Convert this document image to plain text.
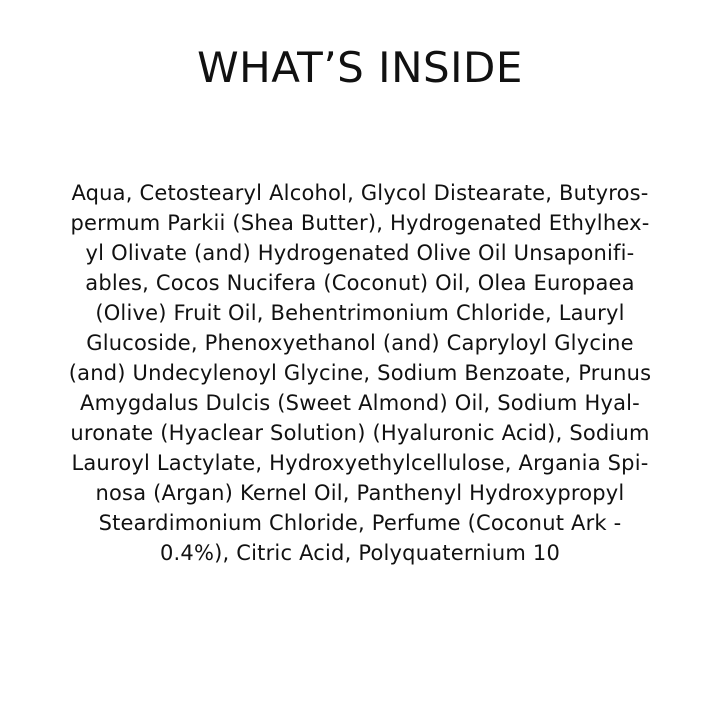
WHAT’S INSIDE
Aqua, Cetostearyl Alcohol, Glycol Distearate, Butyros-
permum Parkii (Shea Butter), Hydrogenated Ethylhex-
yl Olivate (and) Hydrogenated Olive Oil Unsaponifi-
ables, Cocos Nucifera (Coconut) Oil, Olea Europaea
(Olive) Fruit Oil, Behentrimonium Chloride, Lauryl
Glucoside, Phenoxyethanol (and) Capryloyl Glycine
(and) Undecylenoyl Glycine, Sodium Benzoate, Prunus
Amygdalus Dulcis (Sweet Almond) Oil, Sodium Hyal-
uronate (Hyaclear Solution) (Hyaluronic Acid), Sodium
Lauroyl Lactylate, Hydroxyethylcellulose, Argania Spi-
nosa (Argan) Kernel Oil, Panthenyl Hydroxypropyl
Steardimonium Chloride, Perfume (Coconut Ark -
0.4%), Citric Acid, Polyquaternium 10
